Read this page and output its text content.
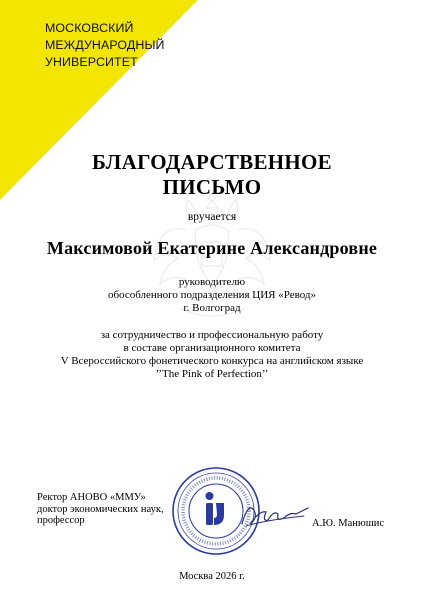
МОСКОВСКИЙ
МЕЖДУНАРОДНЫЙ
УНИВЕРСИТЕТ
БЛАГОДАРСТВЕННОЕ
ПИСЬМО
вручается
Максимовой Екатерине Александровне
руководителю
обособленного подразделения ЦИЯ «Ревод»
г. Волгоград
за сотрудничество и профессиональную работу
в составе организационного комитета
V Всероссийского фонетического конкурса на английском языке
’’The Pink of Perfection’’
Ректор АНОВО «ММУ»
доктор экономических наук,
профессор	А.Ю. Манюшис
Москва 2026 г.
